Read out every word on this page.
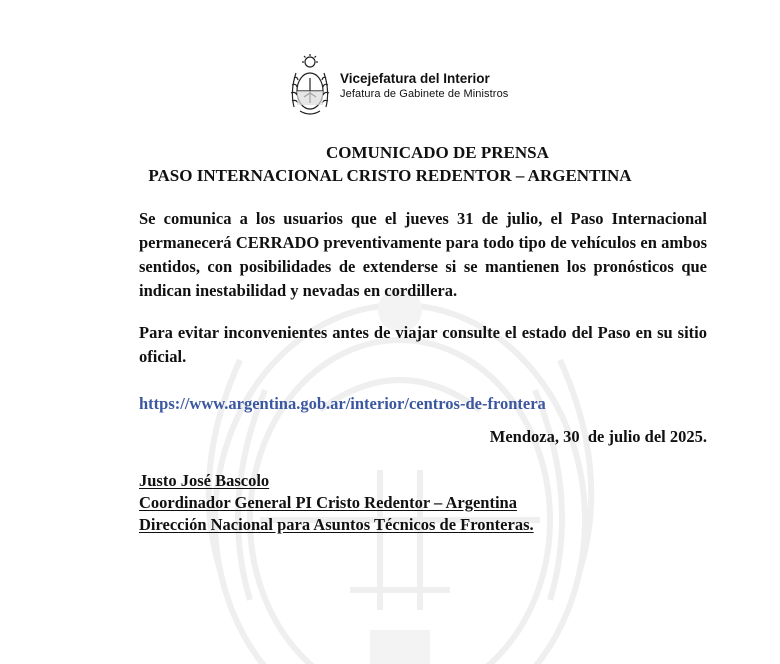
Vicejefatura del Interior
Jefatura de Gabinete de Ministros
COMUNICADO DE PRENSA
PASO INTERNACIONAL CRISTO REDENTOR – ARGENTINA

Se comunica a los usuarios que el jueves 31 de julio, el Paso Internacional permanecerá CERRADO preventivamente para todo tipo de vehículos en ambos sentidos, con posibilidades de extenderse si se mantienen los pronósticos que indican inestabilidad y nevadas en cordillera.

Para evitar inconvenientes antes de viajar consulte el estado del Paso en su sitio oficial.

https://www.argentina.gob.ar/interior/centros-de-frontera
Mendoza, 30  de julio del 2025.
Justo José Bascolo
Coordinador General PI Cristo Redentor – Argentina
Dirección Nacional para Asuntos Técnicos de Fronteras.
